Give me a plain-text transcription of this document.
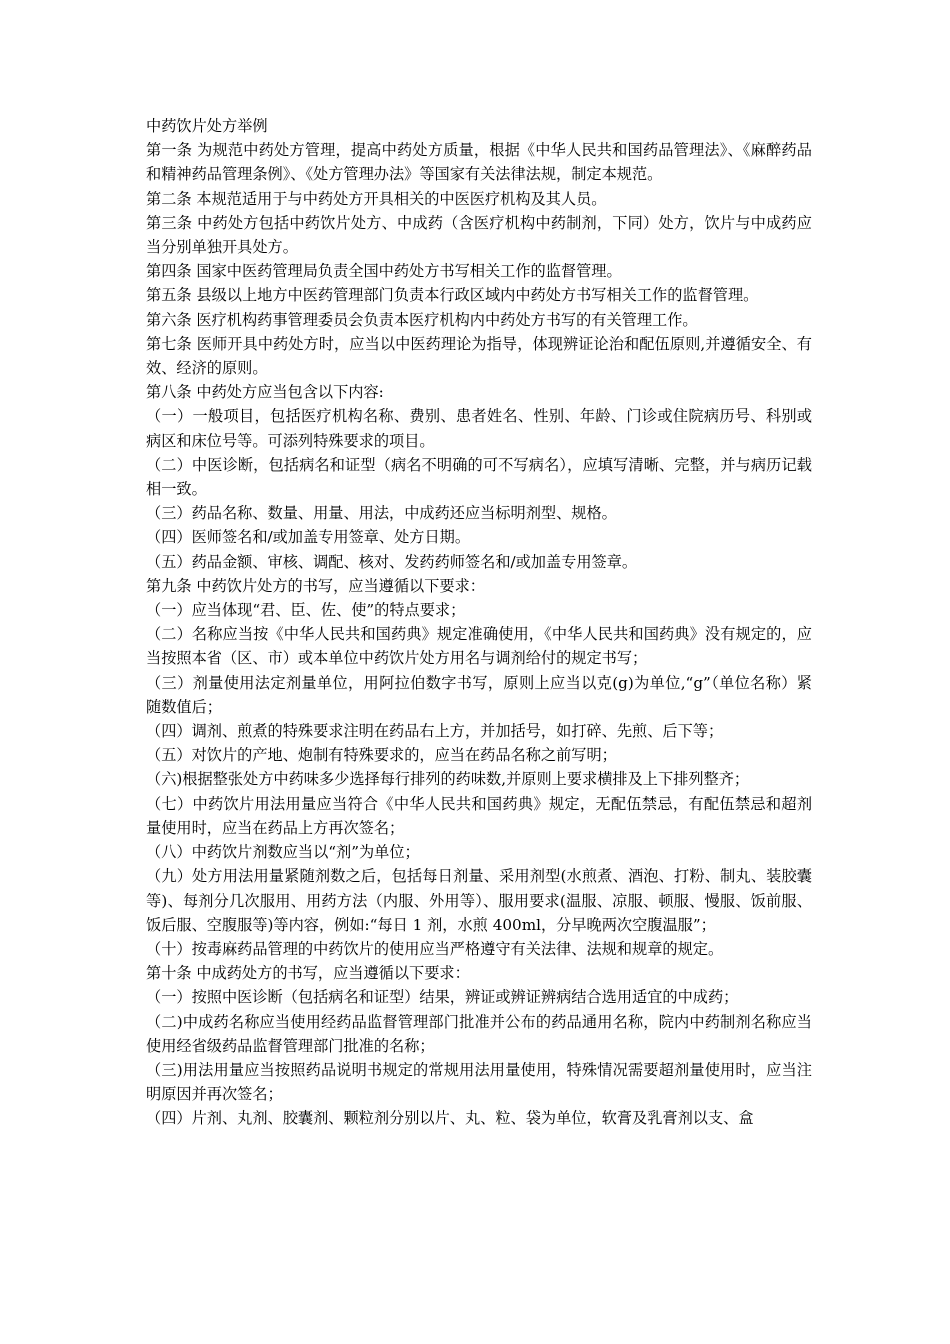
中药饮片处方举例

第一条 为规范中药处方管理，提高中药处方质量，根据《中华人民共和国药品管理法》、《麻醉药品和精神药品管理条例》、《处方管理办法》等国家有关法律法规，制定本规范。

第二条 本规范适用于与中药处方开具相关的中医医疗机构及其人员。

第三条 中药处方包括中药饮片处方、中成药（含医疗机构中药制剂，下同）处方，饮片与中成药应当分别单独开具处方。

第四条 国家中医药管理局负责全国中药处方书写相关工作的监督管理。

第五条 县级以上地方中医药管理部门负责本行政区域内中药处方书写相关工作的监督管理。

第六条 医疗机构药事管理委员会负责本医疗机构内中药处方书写的有关管理工作。

第七条 医师开具中药处方时，应当以中医药理论为指导，体现辨证论治和配伍原则,并遵循安全、有效、经济的原则。

第八条 中药处方应当包含以下内容:

（一）一般项目，包括医疗机构名称、费别、患者姓名、性别、年龄、门诊或住院病历号、科别或病区和床位号等。可添列特殊要求的项目。

（二）中医诊断，包括病名和证型（病名不明确的可不写病名），应填写清晰、完整，并与病历记载相一致。

（三）药品名称、数量、用量、用法，中成药还应当标明剂型、规格。

（四）医师签名和/或加盖专用签章、处方日期。

（五）药品金额、审核、调配、核对、发药药师签名和/或加盖专用签章。

第九条 中药饮片处方的书写，应当遵循以下要求：

（一）应当体现“君、臣、佐、使”的特点要求；

（二）名称应当按《中华人民共和国药典》规定准确使用，《中华人民共和国药典》没有规定的，应当按照本省（区、市）或本单位中药饮片处方用名与调剂给付的规定书写；

（三）剂量使用法定剂量单位，用阿拉伯数字书写，原则上应当以克(g)为单位,“g”（单位名称）紧随数值后；

（四）调剂、煎煮的特殊要求注明在药品右上方，并加括号，如打碎、先煎、后下等；

（五）对饮片的产地、炮制有特殊要求的，应当在药品名称之前写明；

（六)根据整张处方中药味多少选择每行排列的药味数,并原则上要求横排及上下排列整齐；

（七）中药饮片用法用量应当符合《中华人民共和国药典》规定，无配伍禁忌，有配伍禁忌和超剂量使用时，应当在药品上方再次签名；

（八）中药饮片剂数应当以“剂”为单位；

（九）处方用法用量紧随剂数之后，包括每日剂量、采用剂型(水煎煮、酒泡、打粉、制丸、装胶囊等)、每剂分几次服用、用药方法（内服、外用等）、服用要求(温服、凉服、顿服、慢服、饭前服、饭后服、空腹服等)等内容，例如:“每日 1 剂，水煎 400ml，分早晚两次空腹温服”；

（十）按毒麻药品管理的中药饮片的使用应当严格遵守有关法律、法规和规章的规定。

第十条 中成药处方的书写，应当遵循以下要求：

（一）按照中医诊断（包括病名和证型）结果，辨证或辨证辨病结合选用适宜的中成药；

（二)中成药名称应当使用经药品监督管理部门批准并公布的药品通用名称，院内中药制剂名称应当使用经省级药品监督管理部门批准的名称；

（三)用法用量应当按照药品说明书规定的常规用法用量使用，特殊情况需要超剂量使用时，应当注明原因并再次签名；

（四）片剂、丸剂、胶囊剂、颗粒剂分别以片、丸、粒、袋为单位，软膏及乳膏剂以支、盒
